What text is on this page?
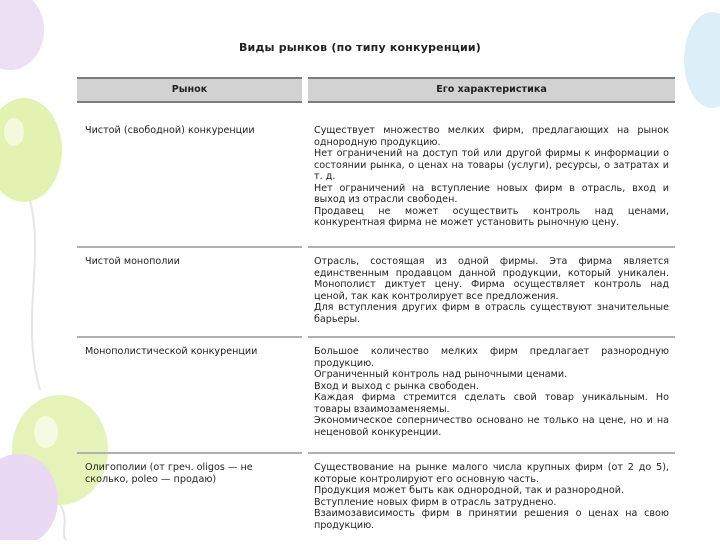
Виды рынков (по типу конкуренции)
Рынок		Его характеристика
Чистой (свободной) конкуренции		Существует множество мелких фирм, предлагающих на рынок однородную продукцию.

Нет ограничений на доступ той или другой фирмы к информации о состоянии рынка, о ценах на товары (услуги), ресурсы, о затратах и т. д.

Нет ограничений на вступление новых фирм в отрасль, вход и выход из отрасли свободен.

Продавец не может осуществить контроль над ценами, конкурентная фирма не может установить рыночную цену.

Чистой монополии		Отрасль, состоящая из одной фирмы. Эта фирма является единственным продавцом данной продукции, который уникален. Монополист диктует цену. Фирма осуществляет контроль над ценой, так как контролирует все предложения.

Для вступления других фирм в отрасль существуют значительные барьеры.

Монополистической конкуренции		Большое количество мелких фирм предлагает разнородную продукцию.

Ограниченный контроль над рыночными ценами.

Вход и выход с рынка свободен.

Каждая фирма стремится сделать свой товар уникальным. Но товары взаимозаменяемы.

Экономическое соперничество основано не только на цене, но и на неценовой конкуренции.

Олигополии (от греч. oligos — не сколько, poleo — продаю)		Существование на рынке малого числа крупных фирм (от 2 до 5), которые контролируют его основную часть.

Продукция может быть как однородной, так и разнородной.

Вступление новых фирм в отрасль затруднено.

Взаимозависимость фирм в принятии решения о ценах на свою продукцию.
